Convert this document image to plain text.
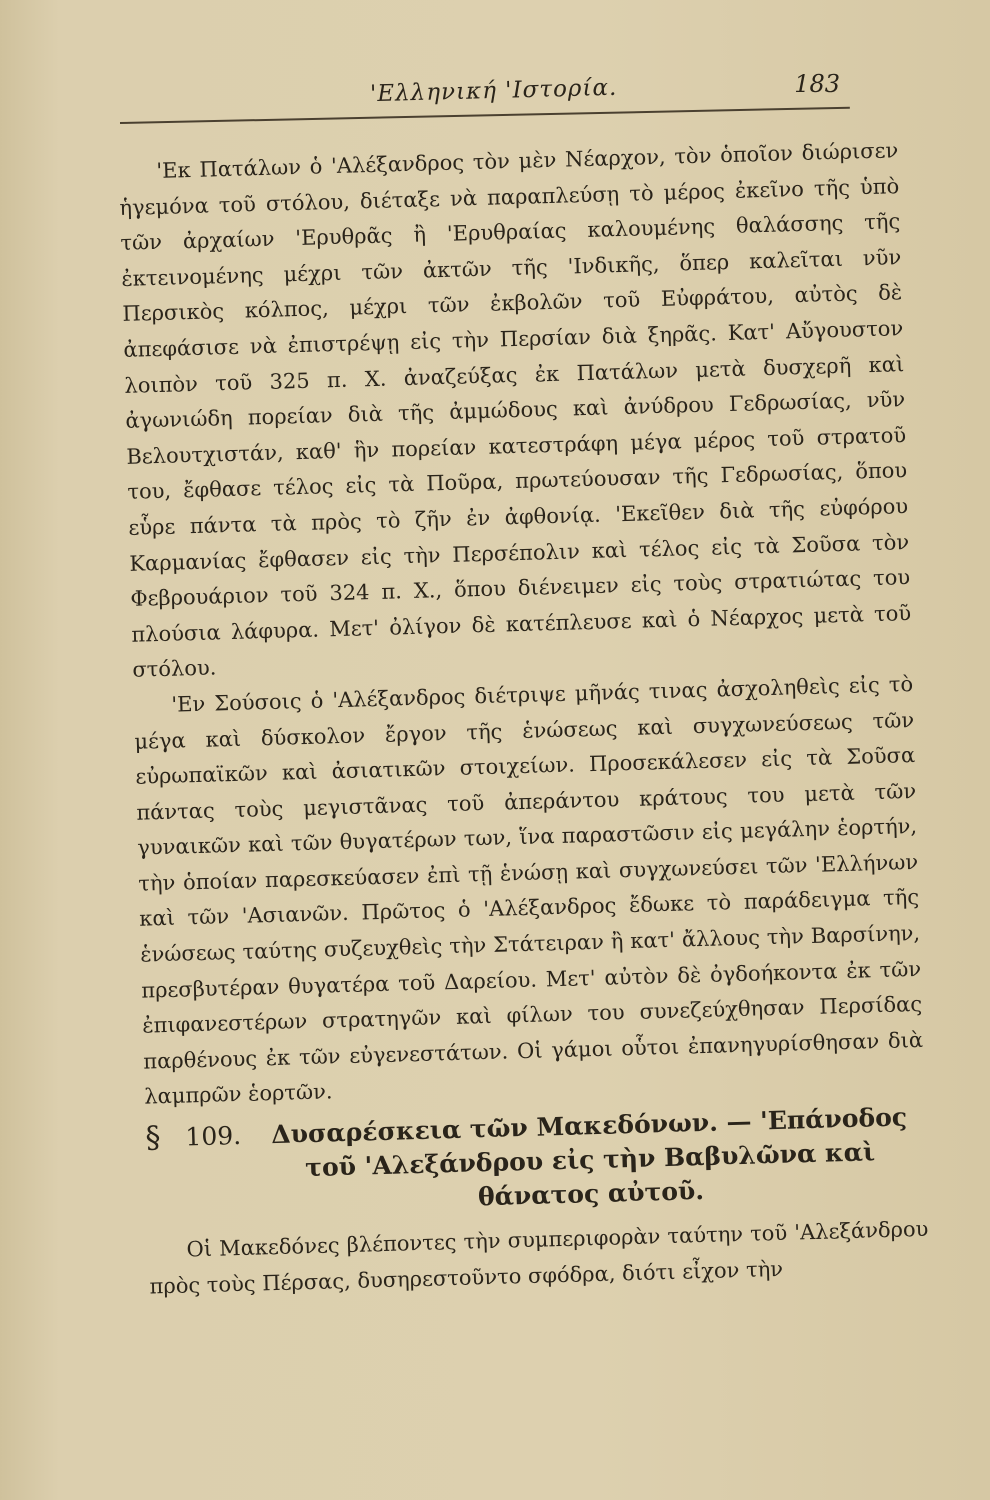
'Ελληνική 'Ιστορία.	183

'Εκ Πατάλων ὁ 'Αλέξανδρος τὸν μὲν Νέαρχον, τὸν ὁποῖον διώρισεν ἡγεμόνα τοῦ στόλου, διέταξε νὰ παραπλεύσῃ τὸ μέρος ἐκεῖνο τῆς ὑπὸ τῶν ἀρχαίων 'Ερυθρᾶς ἢ 'Ερυθραίας καλουμένης θαλάσσης τῆς ἐκτεινομένης μέχρι τῶν ἀκτῶν τῆς 'Ινδικῆς, ὅπερ καλεῖται νῦν Περσικὸς κόλπος, μέχρι τῶν ἐκβολῶν τοῦ Εὐφράτου, αὐτὸς δὲ ἀπεφάσισε νὰ ἐπιστρέψῃ εἰς τὴν Περσίαν διὰ ξηρᾶς. Κατ' Αὔγουστον λοιπὸν τοῦ 325 π. Χ. ἀναζεύξας ἐκ Πατάλων μετὰ δυσχερῆ καὶ ἀγωνιώδη πορείαν διὰ τῆς ἀμμώδους καὶ ἀνύδρου Γεδρωσίας, νῦν Βελουτχιστάν, καθ' ἣν πορείαν κατεστράφη μέγα μέρος τοῦ στρατοῦ του, ἔφθασε τέλος εἰς τὰ Ποῦρα, πρωτεύουσαν τῆς Γεδρωσίας, ὅπου εὗρε πάντα τὰ πρὸς τὸ ζῆν ἐν ἀφθονίᾳ. 'Εκεῖθεν διὰ τῆς εὐφόρου Καρμανίας ἔφθασεν εἰς τὴν Περσέπολιν καὶ τέλος εἰς τὰ Σοῦσα τὸν Φεβρουάριον τοῦ 324 π. Χ., ὅπου διένειμεν εἰς τοὺς στρατιώτας του πλούσια λάφυρα. Μετ' ὀλίγον δὲ κατέπλευσε καὶ ὁ Νέαρχος μετὰ τοῦ στόλου.

'Εν Σούσοις ὁ 'Αλέξανδρος διέτριψε μῆνάς τινας ἀσχοληθεὶς εἰς τὸ μέγα καὶ δύσκολον ἔργον τῆς ἑνώσεως καὶ συγχωνεύσεως τῶν εὐρωπαϊκῶν καὶ ἀσιατικῶν στοιχείων. Προσεκάλεσεν εἰς τὰ Σοῦσα πάντας τοὺς μεγιστᾶνας τοῦ ἀπεράντου κράτους του μετὰ τῶν γυναικῶν καὶ τῶν θυγατέρων των, ἵνα παραστῶσιν εἰς μεγάλην ἑορτήν, τὴν ὁποίαν παρεσκεύασεν ἐπὶ τῇ ἑνώσῃ καὶ συγχωνεύσει τῶν 'Ελλήνων καὶ τῶν 'Ασιανῶν. Πρῶτος ὁ 'Αλέξανδρος ἔδωκε τὸ παράδειγμα τῆς ἑνώσεως ταύτης συζευχθεὶς τὴν Στάτειραν ἢ κατ' ἄλλους τὴν Βαρσίνην, πρεσβυτέραν θυγατέρα τοῦ Δαρείου. Μετ' αὐτὸν δὲ ὀγδοήκοντα ἐκ τῶν ἐπιφανεστέρων στρατηγῶν καὶ φίλων του συνεζεύχθησαν Περσίδας παρθένους ἐκ τῶν εὐγενεστάτων. Οἱ γάμοι οὗτοι ἐπανηγυρίσθησαν διὰ λαμπρῶν ἑορτῶν.

§ 109.	Δυσαρέσκεια τῶν Μακεδόνων. — 'Επάνοδος τοῦ 'Αλεξάνδρου εἰς τὴν Βαβυλῶνα καὶ θάνατος αὐτοῦ.

Οἱ Μακεδόνες βλέποντες τὴν συμπεριφορὰν ταύτην τοῦ 'Αλεξάνδρου πρὸς τοὺς Πέρσας, δυσηρεστοῦντο σφόδρα, διότι εἶχον τὴν
